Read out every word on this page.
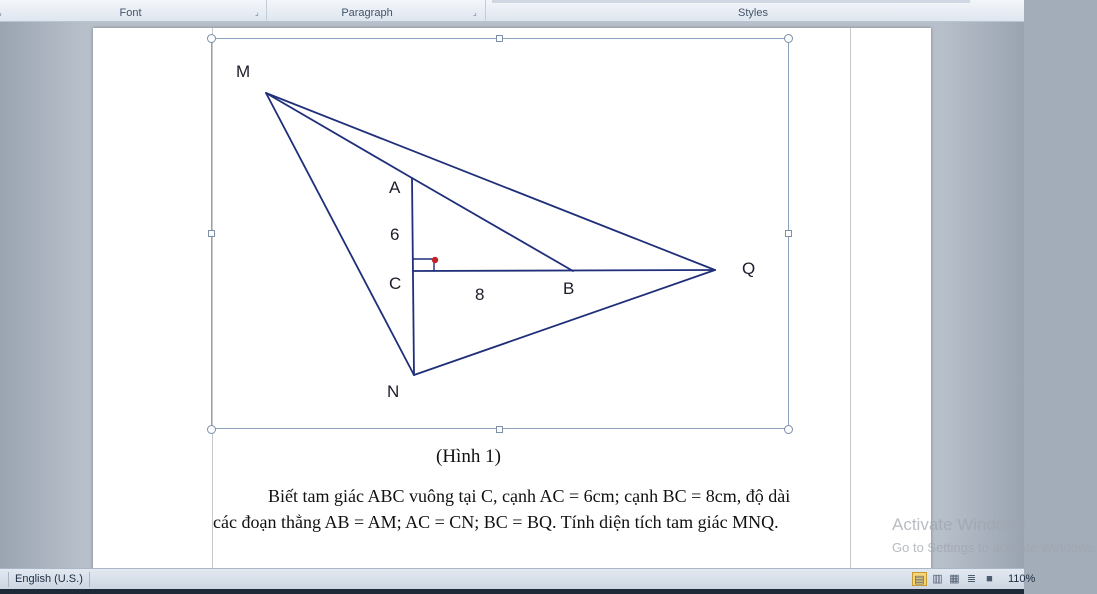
Font	⌟	Paragraph	⌟	Styles
M
A
6
C
8	B
Q
N
(Hình 1)
Biết tam giác ABC vuông tại C, cạnh AC = 6cm; cạnh BC = 8cm, độ dài
các đoạn thẳng AB = AM; AC = CN; BC = BQ. Tính diện tích tam giác MNQ.	Activate Windows
Go to Settings to activate Windows.
English (U.S.)	▤ ▥ ▦ ≣ ■	110%
